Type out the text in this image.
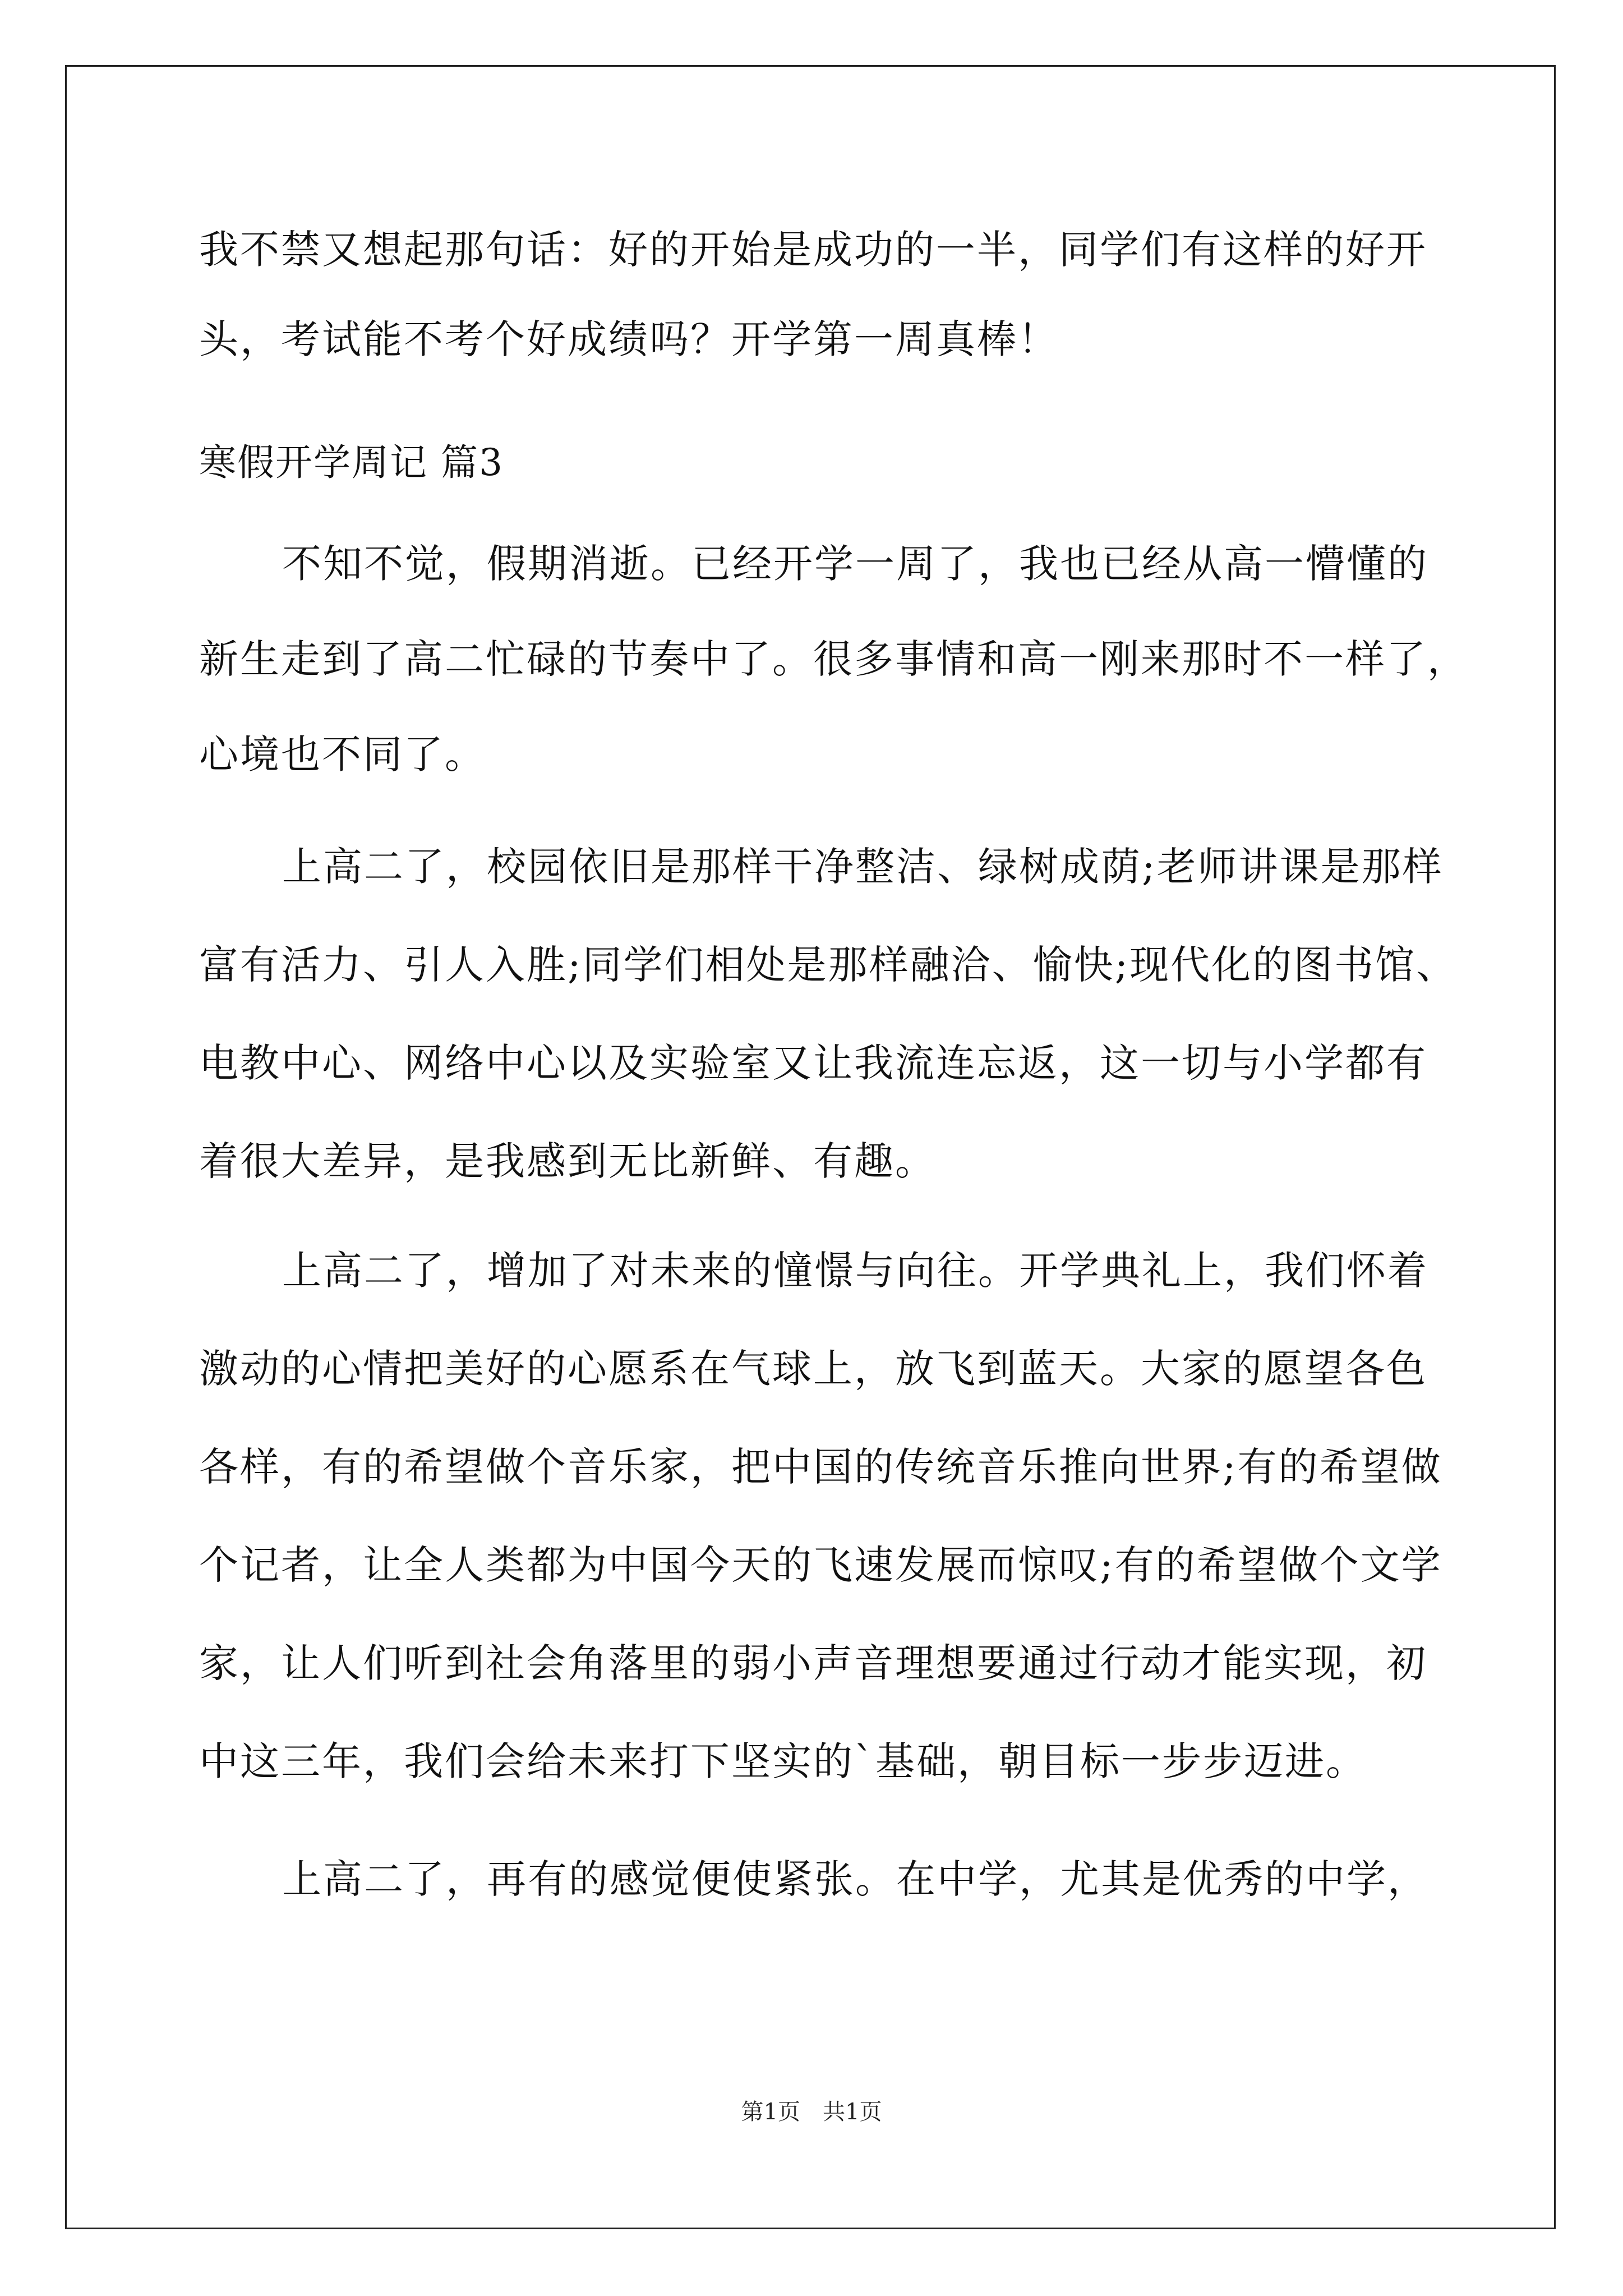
我不禁又想起那句话：好的开始是成功的一半，同学们有这样的好开
头，考试能不考个好成绩吗？开学第一周真棒！
寒假开学周记 篇3
不知不觉，假期消逝。已经开学一周了，我也已经从高一懵懂的
新生走到了高二忙碌的节奏中了。很多事情和高一刚来那时不一样了，
心境也不同了。
上高二了，校园依旧是那样干净整洁、绿树成荫;老师讲课是那样
富有活力、引人入胜;同学们相处是那样融洽、愉快;现代化的图书馆、
电教中心、网络中心以及实验室又让我流连忘返，这一切与小学都有
着很大差异，是我感到无比新鲜、有趣。
上高二了，增加了对未来的憧憬与向往。开学典礼上，我们怀着
激动的心情把美好的心愿系在气球上，放飞到蓝天。大家的愿望各色
各样，有的希望做个音乐家，把中国的传统音乐推向世界;有的希望做
个记者，让全人类都为中国今天的飞速发展而惊叹;有的希望做个文学
家，让人们听到社会角落里的弱小声音理想要通过行动才能实现，初
中这三年，我们会给未来打下坚实的`基础，朝目标一步步迈进。
上高二了，再有的感觉便使紧张。在中学，尤其是优秀的中学，
第1页　共1页
